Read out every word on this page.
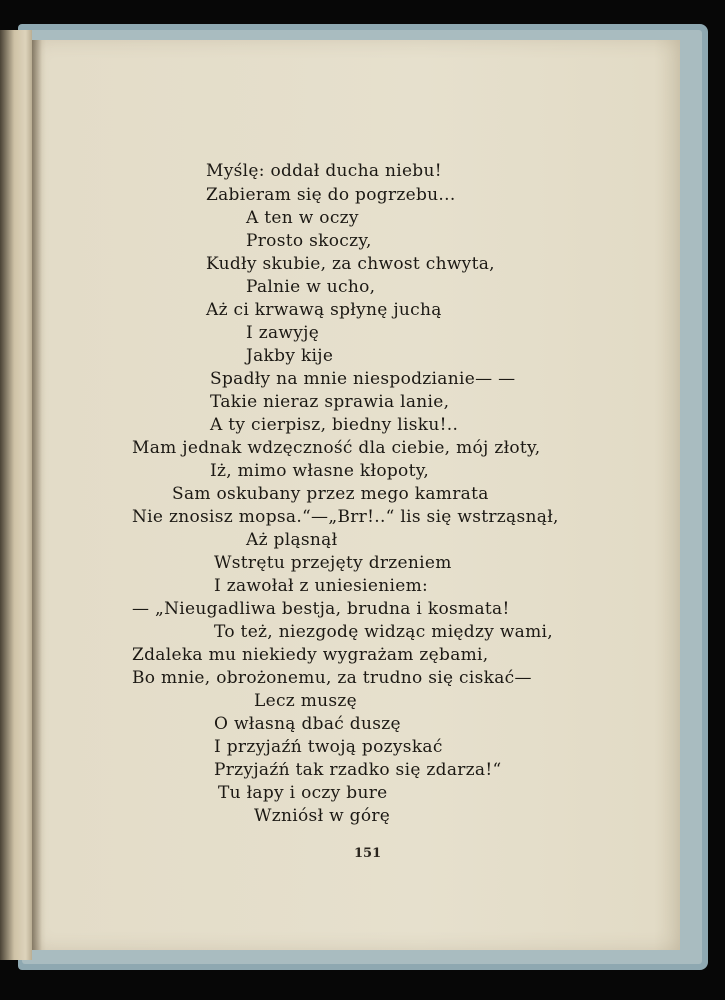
Myślę: oddał ducha niebu!
Zabieram się do pogrzebu...
A ten w oczy
Prosto skoczy,
Kudły skubie, za chwost chwyta,
Palnie w ucho,
Aż ci krwawą spłynę juchą
I zawyję
Jakby kije
Spadły na mnie niespodzianie— —
Takie nieraz sprawia lanie,
A ty cierpisz, biedny lisku!..
Mam jednak wdzęczność dla ciebie, mój złoty,
Iż, mimo własne kłopoty,
Sam oskubany przez mego kamrata
Nie znosisz mopsa.“—„Brr!..“ lis się wstrząsnął,
Aż pląsnął
Wstrętu przejęty drzeniem
I zawołał z uniesieniem:
— „Nieugadliwa bestja, brudna i kosmata!
To też, niezgodę widząc między wami,
Zdaleka mu niekiedy wygrażam zębami,
Bo mnie, obrożonemu, za trudno się ciskać—
Lecz muszę
O własną dbać duszę
I przyjaźń twoją pozyskać
Przyjaźń tak rzadko się zdarza!“
Tu łapy i oczy bure
Wzniósł w górę
151
